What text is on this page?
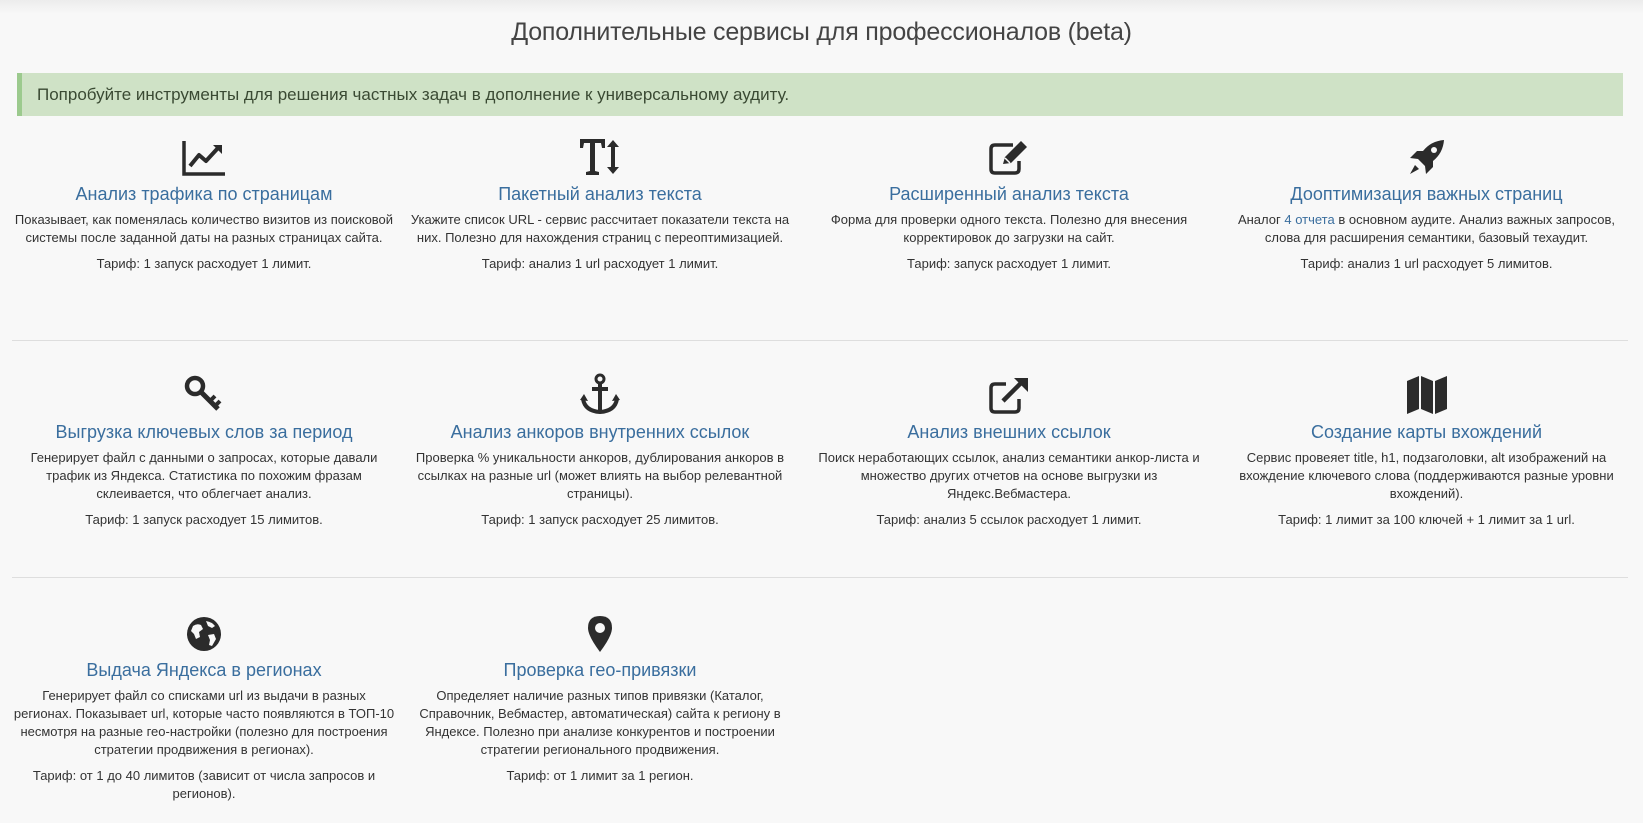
Дополнительные сервисы для профессионалов (beta)
Попробуйте инструменты для решения частных задач в дополнение к универсальному аудиту.
Анализ трафика по страницам
Показывает, как поменялась количество визитов из поисковой системы после заданной даты на разных страницах сайта.
Тариф: 1 запуск расходует 1 лимит.
Пакетный анализ текста
Укажите список URL - сервис рассчитает показатели текста на них. Полезно для нахождения страниц с переоптимизацией.
Тариф: анализ 1 url расходует 1 лимит.
Расширенный анализ текста
Форма для проверки одного текста. Полезно для внесения корректировок до загрузки на сайт.
Тариф: запуск расходует 1 лимит.
Дооптимизация важных страниц
Аналог 4 отчета в основном аудите. Анализ важных запросов, слова для расширения семантики, базовый техаудит.
Тариф: анализ 1 url расходует 5 лимитов.
Выгрузка ключевых слов за период
Генерирует файл с данными о запросах, которые давали трафик из Яндекса. Статистика по похожим фразам склеивается, что облегчает анализ.
Тариф: 1 запуск расходует 15 лимитов.
Анализ анкоров внутренних ссылок
Проверка % уникальности анкоров, дублирования анкоров в ссылках на разные url (может влиять на выбор релевантной страницы).
Тариф: 1 запуск расходует 25 лимитов.
Анализ внешних ссылок
Поиск неработающих ссылок, анализ семантики анкор-листа и множество других отчетов на основе выгрузки из Яндекс.Вебмастера.
Тариф: анализ 5 ссылок расходует 1 лимит.
Создание карты вхождений
Сервис провеяет title, h1, подзаголовки, alt изображений на вхождение ключевого слова (поддерживаются разные уровни вхождений).
Тариф: 1 лимит за 100 ключей + 1 лимит за 1 url.
Выдача Яндекса в регионах
Генерирует файл со списками url из выдачи в разных регионах. Показывает url, которые часто появляются в ТОП-10 несмотря на разные гео-настройки (полезно для построения стратегии продвижения в регионах).
Тариф: от 1 до 40 лимитов (зависит от числа запросов и регионов).
Проверка гео-привязки
Определяет наличие разных типов привязки (Каталог, Справочник, Вебмастер, автоматическая) сайта к региону в Яндексе. Полезно при анализе конкурентов и построении стратегии регионального продвижения.
Тариф: от 1 лимит за 1 регион.
